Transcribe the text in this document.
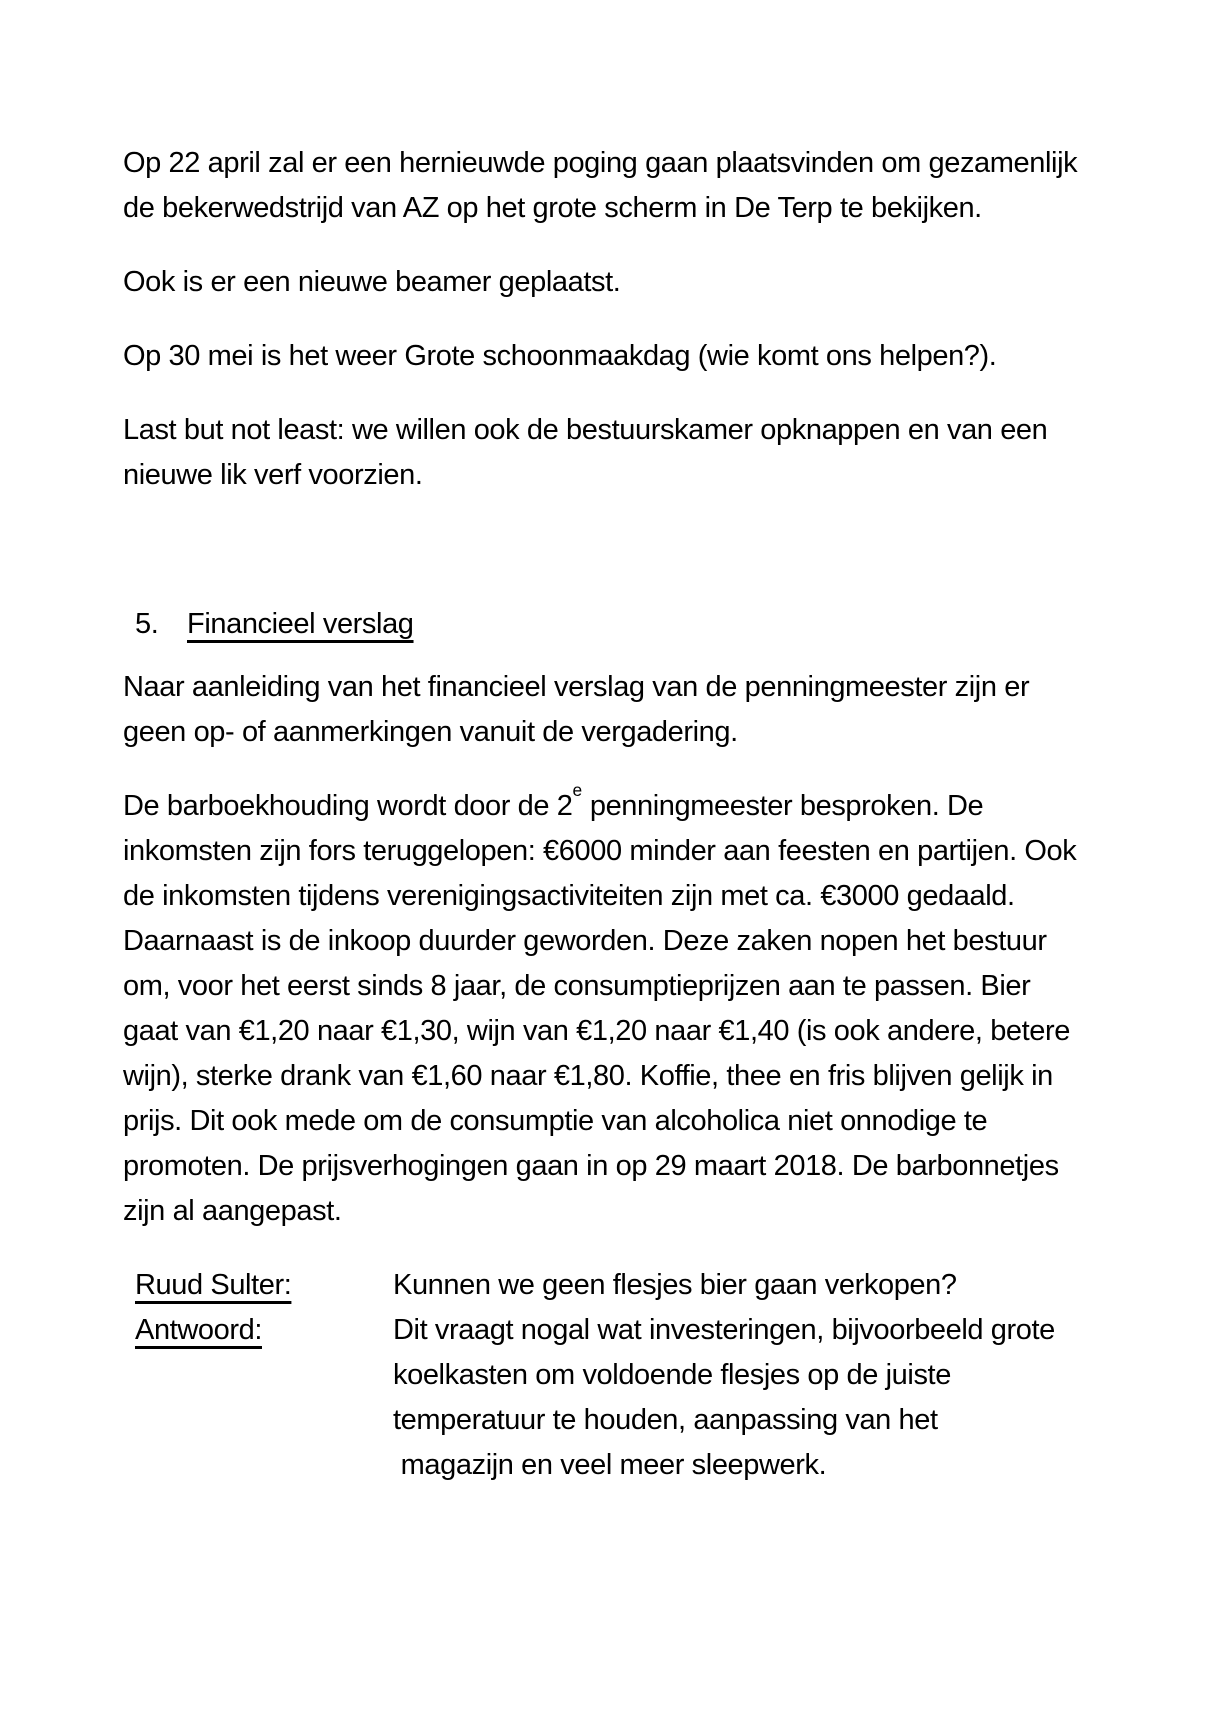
Op 22 april zal er een hernieuwde poging gaan plaatsvinden om gezamenlijk
de bekerwedstrijd van AZ op het grote scherm in De Terp te bekijken.

Ook is er een nieuwe beamer geplaatst.

Op 30 mei is het weer Grote schoonmaakdag (wie komt ons helpen?).

Last but not least: we willen ook de bestuurskamer opknappen en van een
nieuwe lik verf voorzien.

5. Financieel verslag

Naar aanleiding van het financieel verslag van de penningmeester zijn er
geen op- of aanmerkingen vanuit de vergadering.

De barboekhouding wordt door de 2e penningmeester besproken. De
inkomsten zijn fors teruggelopen: €6000 minder aan feesten en partijen. Ook
de inkomsten tijdens verenigingsactiviteiten zijn met ca. €3000 gedaald.
Daarnaast is de inkoop duurder geworden. Deze zaken nopen het bestuur
om, voor het eerst sinds 8 jaar, de consumptieprijzen aan te passen. Bier
gaat van €1,20 naar €1,30, wijn van €1,20 naar €1,40 (is ook andere, betere
wijn), sterke drank van €1,60 naar €1,80. Koffie, thee en fris blijven gelijk in
prijs. Dit ook mede om de consumptie van alcoholica niet onnodige te
promoten. De prijsverhogingen gaan in op 29 maart 2018. De barbonnetjes
zijn al aangepast.

Ruud Sulter:	Kunnen we geen flesjes bier gaan verkopen?
Antwoord:	Dit vraagt nogal wat investeringen, bijvoorbeeld grote
koelkasten om voldoende flesjes op de juiste
temperatuur te houden, aanpassing van het
magazijn en veel meer sleepwerk.
